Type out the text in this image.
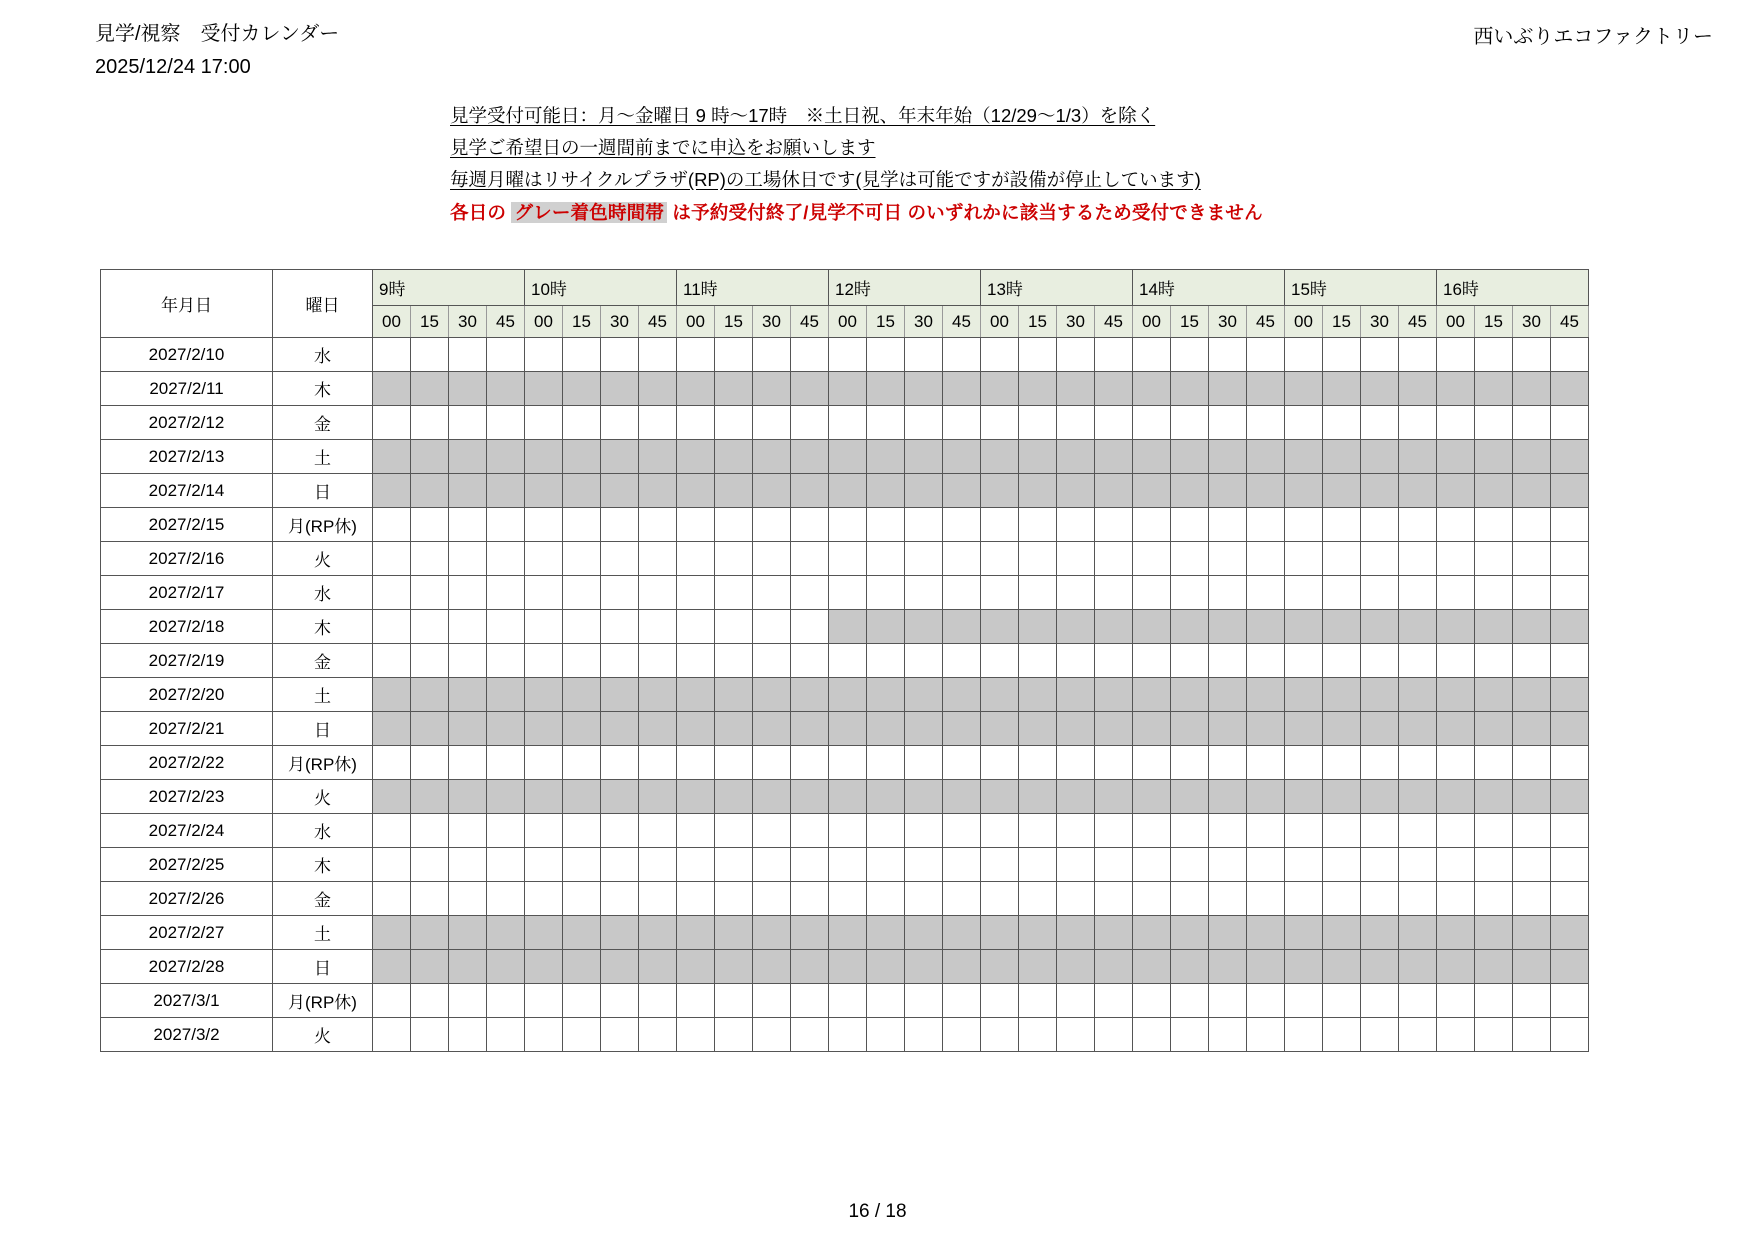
見学/視察　受付カレンダー
2025/12/24 17:00
西いぶりエコファクトリー
見学受付可能日：月～金曜日 9 時～17時　※土日祝、年末年始（12/29～1/3）を除く
見学ご希望日の一週間前までに申込をお願いします
毎週月曜はリサイクルプラザ(RP)の工場休日です(見学は可能ですが設備が停止しています)
各日の グレー着色時間帯 は予約受付終了/見学不可日 のいずれかに該当するため受付できません
年月日	曜日	9時				10時				11時				12時				13時				14時				15時				16時			
		00	15	30	45	00	15	30	45	00	15	30	45	00	15	30	45	00	15	30	45	00	15	30	45	00	15	30	45	00	15	30	45
2027/2/10	水																																
2027/2/11	木																																
2027/2/12	金																																
2027/2/13	土																																
2027/2/14	日																																
2027/2/15	月(RP休)																																
2027/2/16	火																																
2027/2/17	水																																
2027/2/18	木																																
2027/2/19	金																																
2027/2/20	土																																
2027/2/21	日																																
2027/2/22	月(RP休)																																
2027/2/23	火																																
2027/2/24	水																																
2027/2/25	木																																
2027/2/26	金																																
2027/2/27	土																																
2027/2/28	日																																
2027/3/1	月(RP休)																																
2027/3/2	火																																
16 / 18
